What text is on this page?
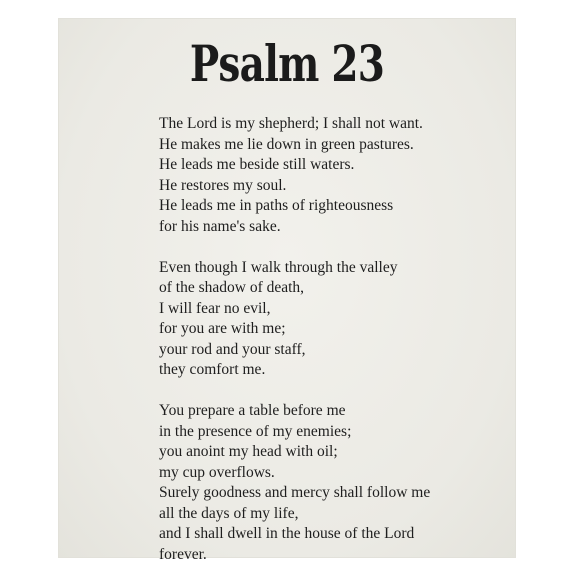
Psalm 23

The Lord is my shepherd; I shall not want.
He makes me lie down in green pastures.
He leads me beside still waters.
He restores my soul.
He leads me in paths of righteousness
for his name's sake.

Even though I walk through the valley
of the shadow of death,
I will fear no evil,
for you are with me;
your rod and your staff,
they comfort me.

You prepare a table before me
in the presence of my enemies;
you anoint my head with oil;
my cup overflows.
Surely goodness and mercy shall follow me
all the days of my life,
and I shall dwell in the house of the Lord
forever.
